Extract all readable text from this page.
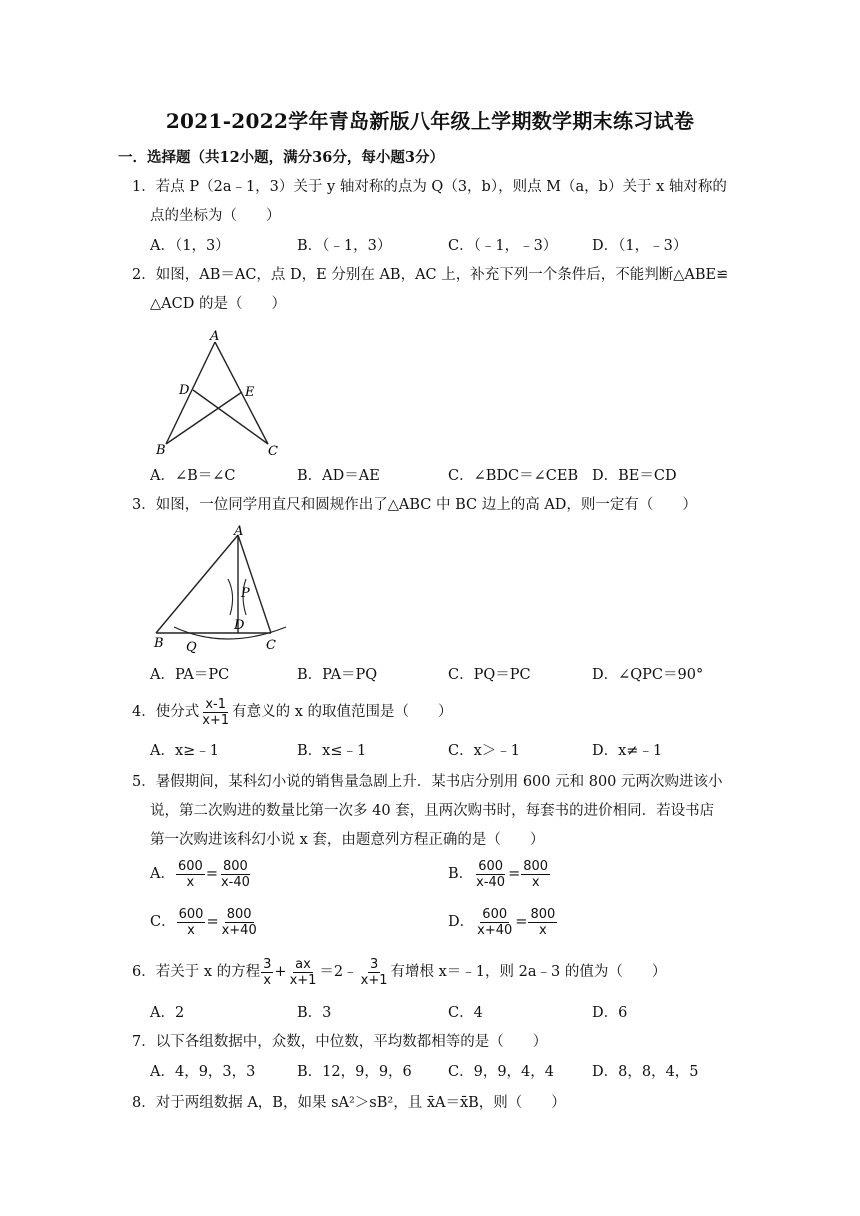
2021-2022学年青岛新版八年级上学期数学期末练习试卷
一．选择题（共12小题，满分36分，每小题3分）
1．若点 P（2a﹣1，3）关于 y 轴对称的点为 Q（3，b），则点 M（a，b）关于 x 轴对称的
点的坐标为（　　）
A．（1，3）	B．（﹣1，3）	C．（﹣1，﹣3） D．（1，﹣3）
2．如图，AB＝AC，点 D，E 分别在 AB，AC 上，补充下列一个条件后，不能判断△ABE≌
△ACD 的是（　　）
A
D	E
B	C
A．∠B＝∠C	B．AD＝AE	C．∠BDC＝∠CEB D．BE＝CD
3．如图，一位同学用直尺和圆规作出了△ABC 中 BC 边上的高 AD，则一定有（　　）
A
P
D
B Q	C
A．PA＝PC	B．PA＝PQ	C．PQ＝PC	D．∠QPC＝90°
4．使分式 $\frac{x-1}{x+1}$ 有意义的 x 的取值范围是（　　）
A．x≥﹣1	B．x≤﹣1	C．x＞﹣1	D．x≠﹣1
5．暑假期间，某科幻小说的销售量急剧上升．某书店分别用 600 元和 800 元两次购进该小
说，第二次购进的数量比第一次多 40 套，且两次购书时，每套书的进价相同．若设书店
第一次购进该科幻小说 x 套，由题意列方程正确的是（　　）
A． $\frac{600}{x} = \frac{800}{x-40}$	B． $\frac{600}{x-40} = \frac{800}{x}$
C． $\frac{600}{x} = \frac{800}{x+40}$	D． $\frac{600}{x+40} = \frac{800}{x}$
6．若关于 x 的方程 $\frac{3}{x} + \frac{ax}{x+1}$ ＝2﹣ $\frac{3}{x+1}$ 有增根 x＝﹣1，则 2a﹣3 的值为（　　）
A．2	B．3	C．4	D．6
7．以下各组数据中，众数，中位数，平均数都相等的是（　　）
A．4，9，3，3	B．12，9，9，6 C．9，9，4，4	D．8，8，4，5
8．对于两组数据 A，B，如果 sA²＞sB²，且 x̄A＝x̄B，则（　　）
